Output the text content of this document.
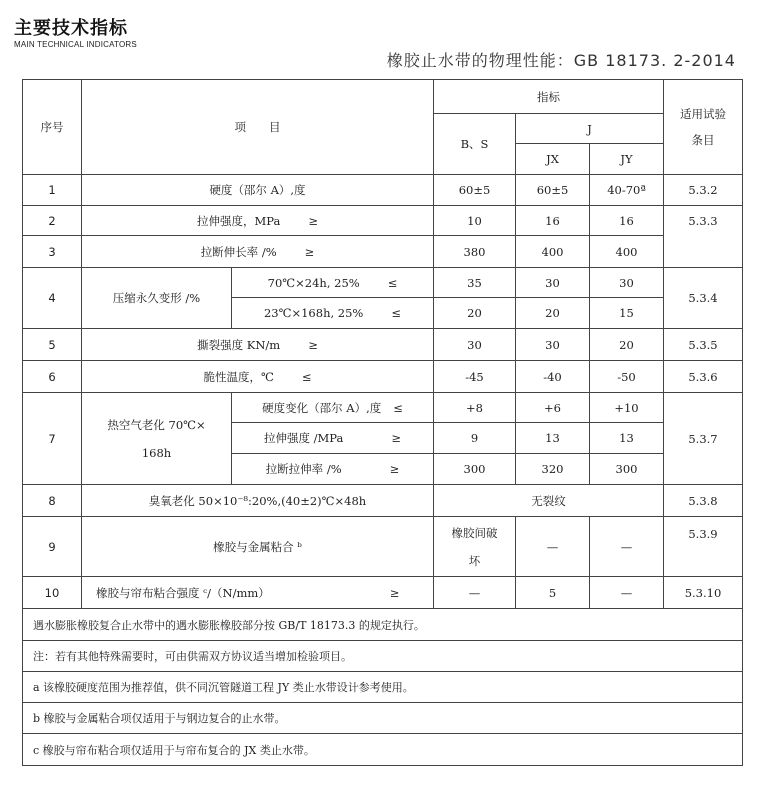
主要技术指标
MAIN TECHNICAL INDICATORS
橡胶止水带的物理性能：GB 18173. 2-2014
序号	项　　目		指标			适用试验条目
			B、S	J		
				JX	JY	
1	硬度（邵尔 A）,度		60±5	60±5	40-70ª	5.3.2
2	拉伸强度，MPa ≥		10	16	16	5.3.3
3	拉断伸长率 /% ≥		380	400	400	
4	压缩永久变形 /%	70℃×24h, 25% ≤	35	30	30	5.3.4
		23℃×168h, 25% ≤	20	20	15	
5	撕裂强度 KN/m ≥		30	30	20	5.3.5
6	脆性温度，℃ ≤		-45	-40	-50	5.3.6
7	热空气老化 70℃×
168h	硬度变化（邵尔 A）,度 ≤	+8	+6	+10	5.3.7
		拉伸强度 /MPa ≥	9	13	13	
		拉断拉伸率 /% ≥	300	320	300	
8	臭氧老化 50×10⁻⁸:20%,(40±2)℃×48h		无裂纹			5.3.8
9	橡胶与金属粘合 ᵇ		橡胶间破
坏	—	—	5.3.9
10	橡胶与帘布粘合强度 ᶜ/（N/mm） ≥		—	5	—	5.3.10
遇水膨胀橡胶复合止水带中的遇水膨胀橡胶部分按 GB/T 18173.3 的规定执行。						
注：若有其他特殊需要时，可由供需双方协议适当增加检验项目。						
a 该橡胶硬度范围为推荐值，供不同沉管隧道工程 JY 类止水带设计参考使用。						
b 橡胶与金属粘合项仅适用于与钢边复合的止水带。						
c 橡胶与帘布粘合项仅适用于与帘布复合的 JX 类止水带。						
